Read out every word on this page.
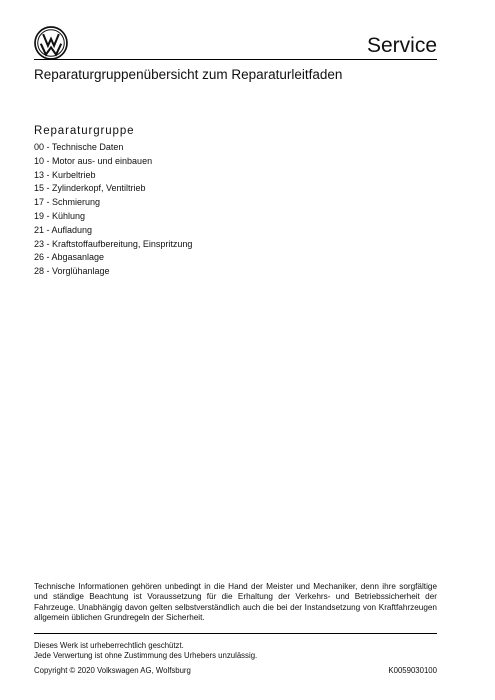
Service
Reparaturgruppenübersicht zum Reparaturleitfaden
Reparaturgruppe
00 - Technische Daten
10 - Motor aus- und einbauen
13 - Kurbeltrieb
15 - Zylinderkopf, Ventiltrieb
17 - Schmierung
19 - Kühlung
21 - Aufladung
23 - Kraftstoffaufbereitung, Einspritzung
26 - Abgasanlage
28 - Vorglühanlage
Technische Informationen gehören unbedingt in die Hand der Meister und Mechaniker, denn ihre sorgfältige und ständige Beachtung ist Voraussetzung für die Erhaltung der Verkehrs- und Betriebssicherheit der Fahrzeuge. Unabhängig davon gelten selbstverständlich auch die bei der Instandsetzung von Kraftfahrzeugen allgemein üblichen Grundregeln der Sicherheit.
Dieses Werk ist urheberrechtlich geschützt.
Jede Verwertung ist ohne Zustimmung des Urhebers unzulässig.
Copyright © 2020 Volkswagen AG, Wolfsburg	K0059030100
